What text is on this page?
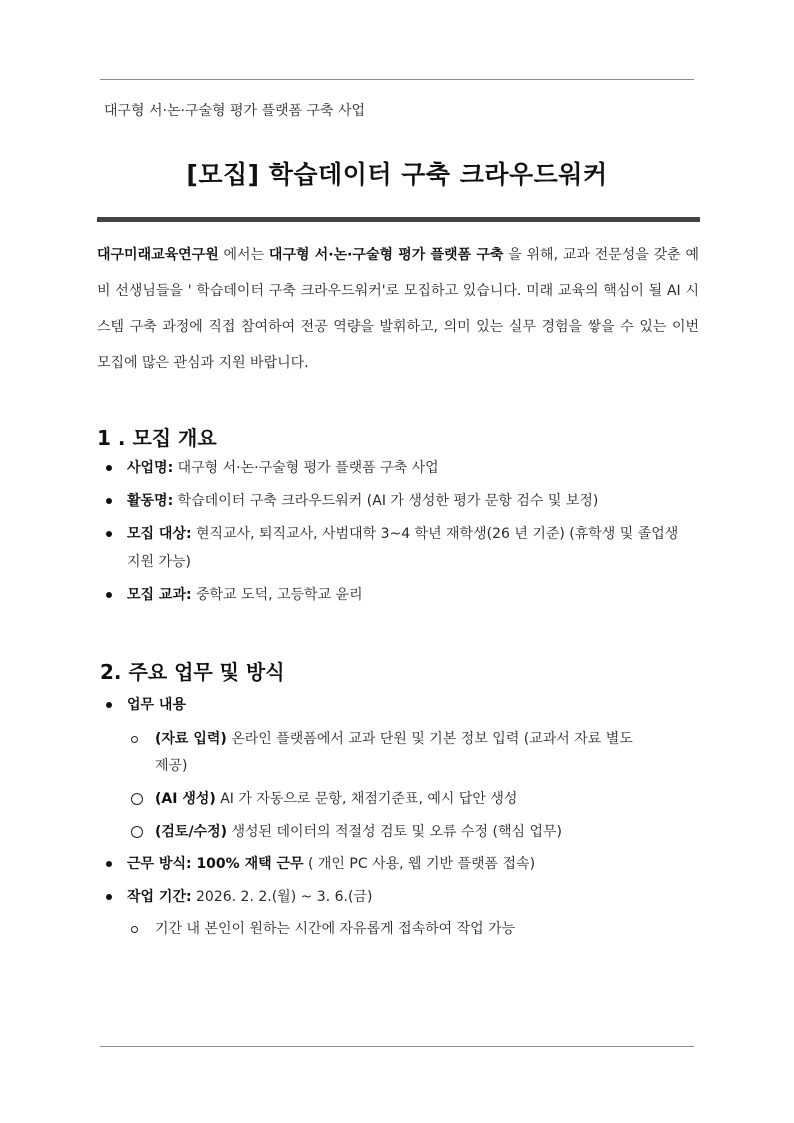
대구형 서·논·구술형 평가 플랫폼 구축 사업
[모집] 학습데이터 구축 크라우드워커
대구미래교육연구원 에서는 대구형 서·논·구술형 평가 플랫폼 구축 을 위해, 교과 전문성을 갖춘 예비 선생님들을 ' 학습데이터 구축 크라우드워커'로 모집하고 있습니다. 미래 교육의 핵심이 될 AI 시스템 구축 과정에 직접 참여하여 전공 역량을 발휘하고, 의미 있는 실무 경험을 쌓을 수 있는 이번 모집에 많은 관심과 지원 바랍니다.
1 . 모집 개요
사업명: 대구형 서·논·구술형 평가 플랫폼 구축 사업
활동명: 학습데이터 구축 크라우드워커 (AI 가 생성한 평가 문항 검수 및 보정)
모집 대상: 현직교사, 퇴직교사, 사범대학 3~4 학년 재학생(26 년 기준) (휴학생 및 졸업생
지원 가능)
모집 교과: 중학교 도덕, 고등학교 윤리
2. 주요 업무 및 방식
업무 내용
(자료 입력) 온라인 플랫폼에서 교과 단원 및 기본 정보 입력 (교과서 자료 별도
제공)
(AI 생성) AI 가 자동으로 문항, 채점기준표, 예시 답안 생성
(검토/수정) 생성된 데이터의 적절성 검토 및 오류 수정 (핵심 업무)
근무 방식: 100% 재택 근무 ( 개인 PC 사용, 웹 기반 플랫폼 접속)
작업 기간: 2026. 2. 2.(월) ~ 3. 6.(금)
기간 내 본인이 원하는 시간에 자유롭게 접속하여 작업 가능
